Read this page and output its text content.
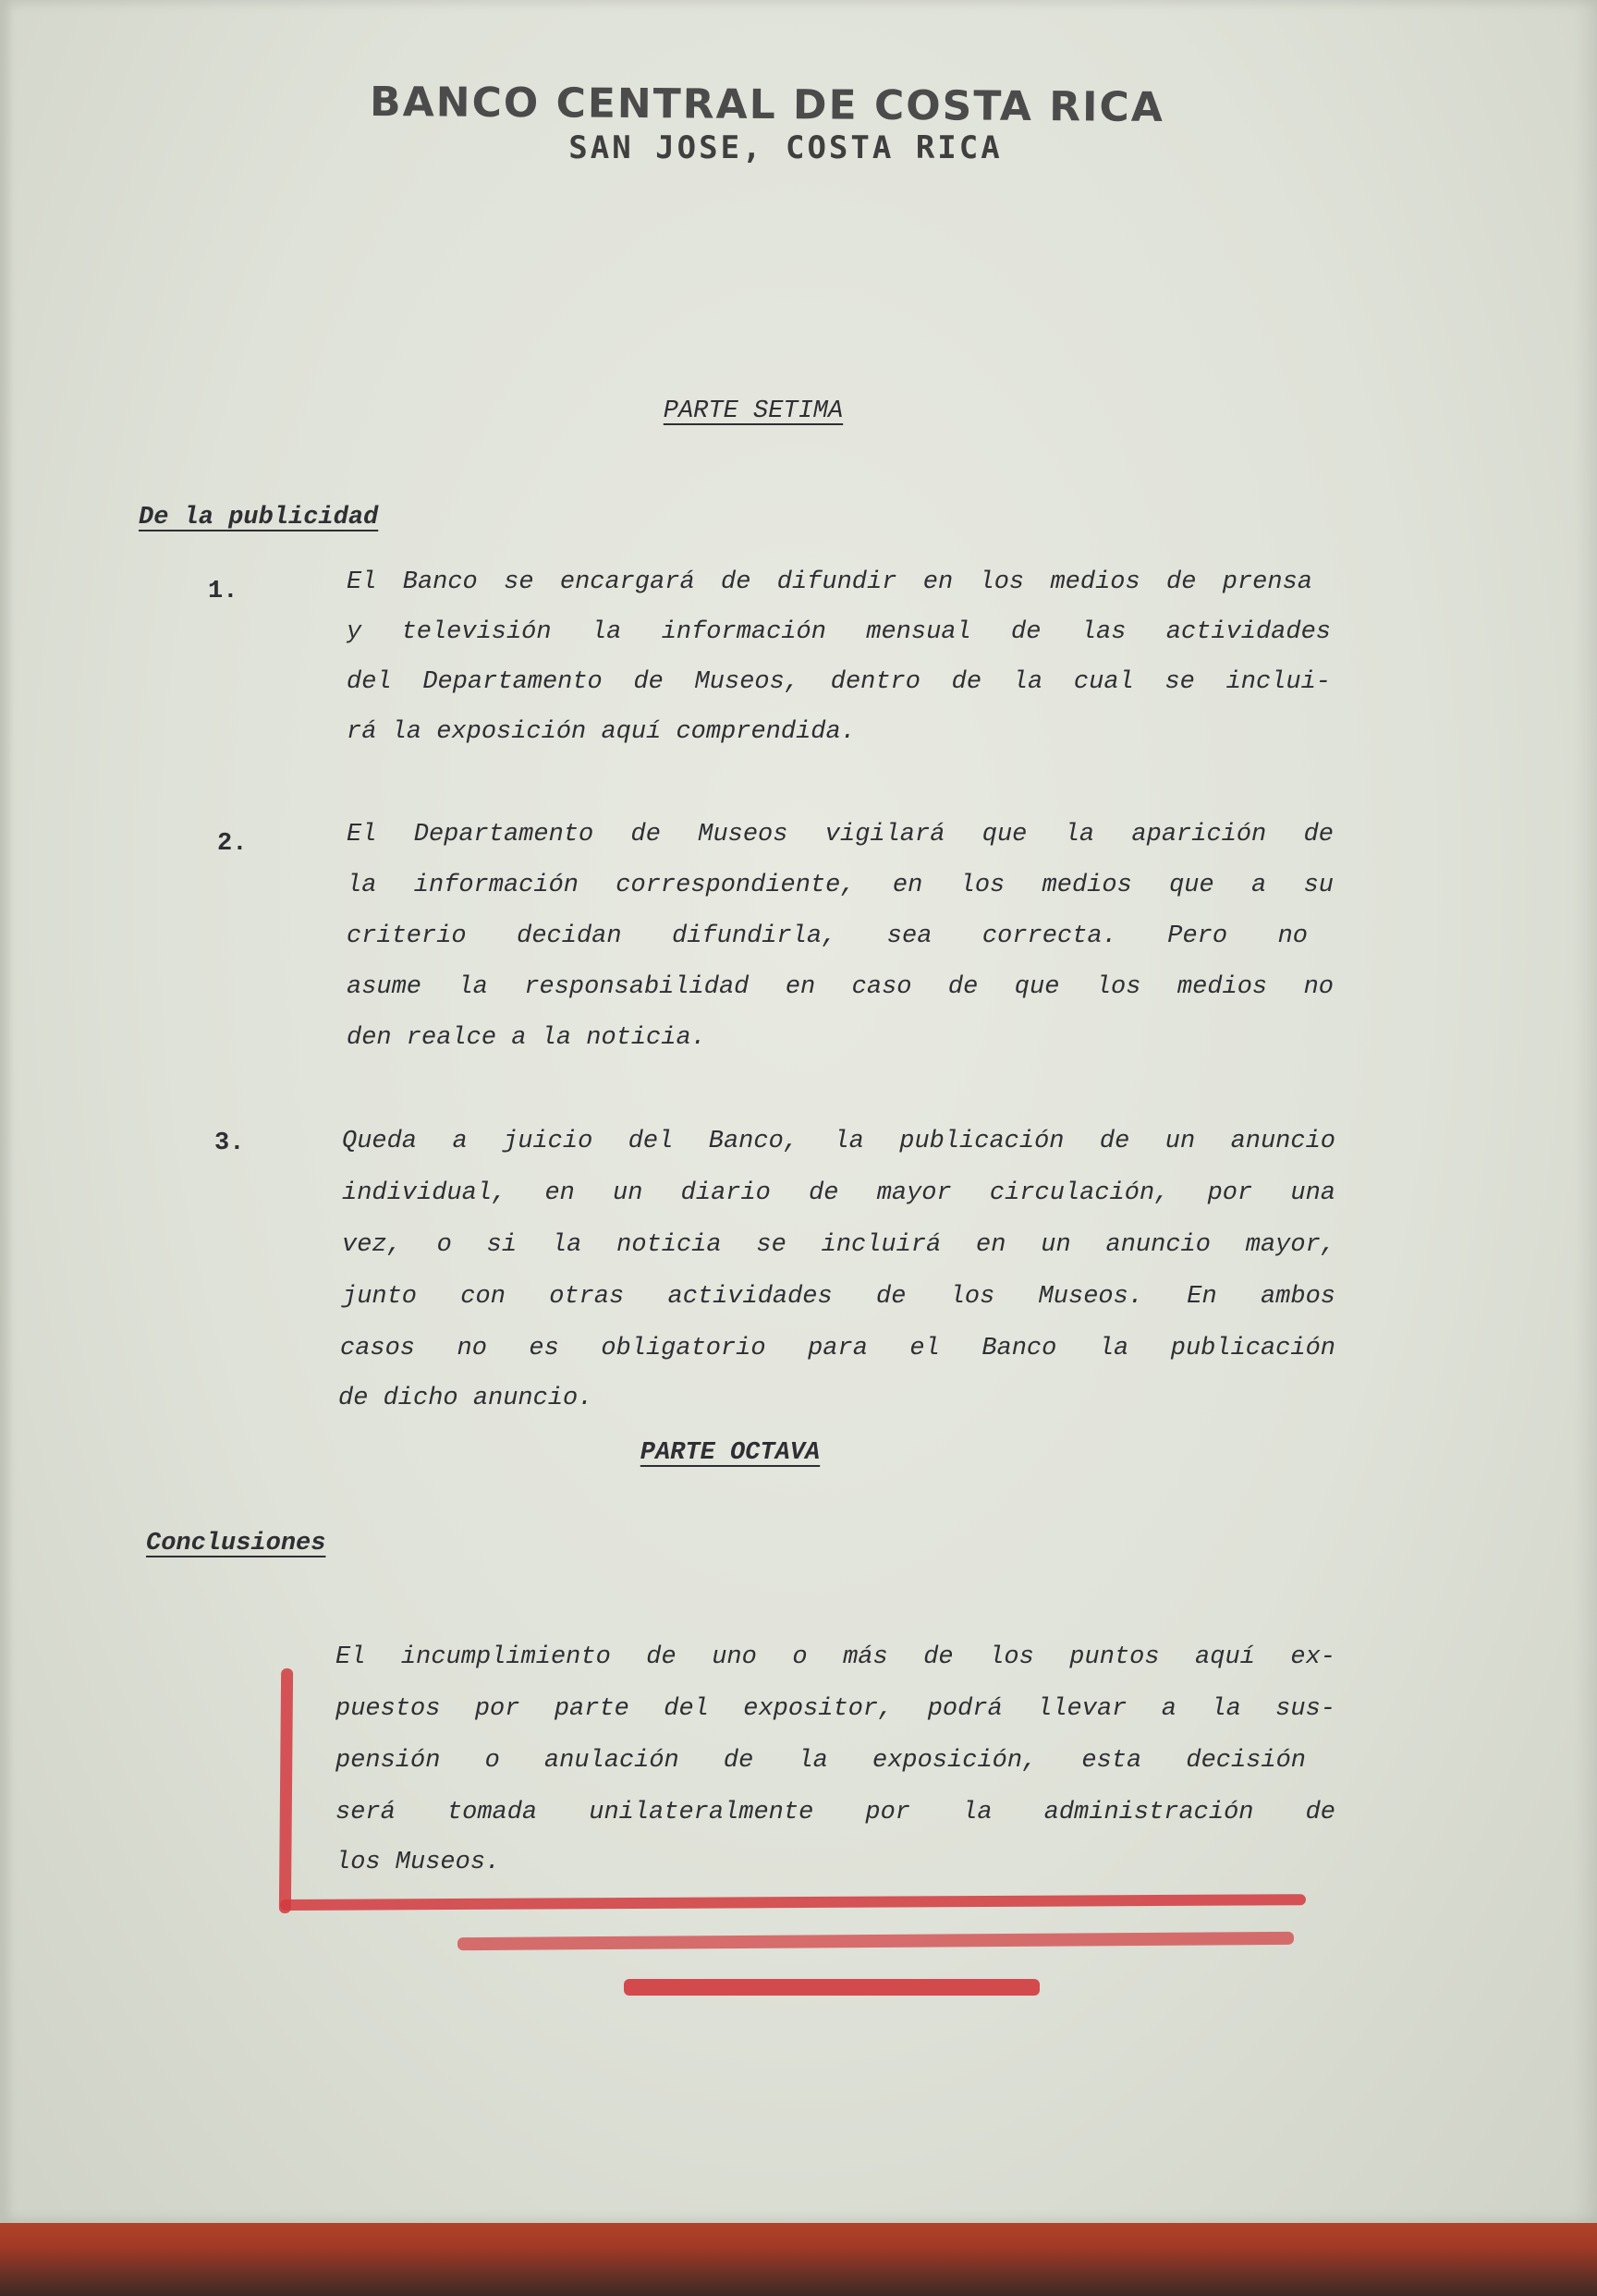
BANCO CENTRAL DE COSTA RICA
SAN JOSE, COSTA RICA
PARTE SETIMA
De la publicidad
1.	El Banco se encargará de difundir en los medios de prensa
y televisión la información mensual de las actividades
del Departamento de Museos, dentro de la cual se inclui-
rá la exposición aquí comprendida.
2.	El Departamento de Museos vigilará que la aparición de
la información correspondiente, en los medios que a su
criterio decidan difundirla, sea correcta. Pero no
asume la responsabilidad en caso de que los medios no
den realce a la noticia.
3.	Queda a juicio del Banco, la publicación de un anuncio
individual, en un diario de mayor circulación, por una
vez, o si la noticia se incluirá en un anuncio mayor,
junto con otras actividades de los Museos. En ambos
casos no es obligatorio para el Banco la publicación
de dicho anuncio.
PARTE OCTAVA
Conclusiones
El incumplimiento de uno o más de los puntos aquí ex-
puestos por parte del expositor, podrá llevar a la sus-
pensión o anulación de la exposición, esta decisión
será tomada unilateralmente por la administración de
los Museos.
